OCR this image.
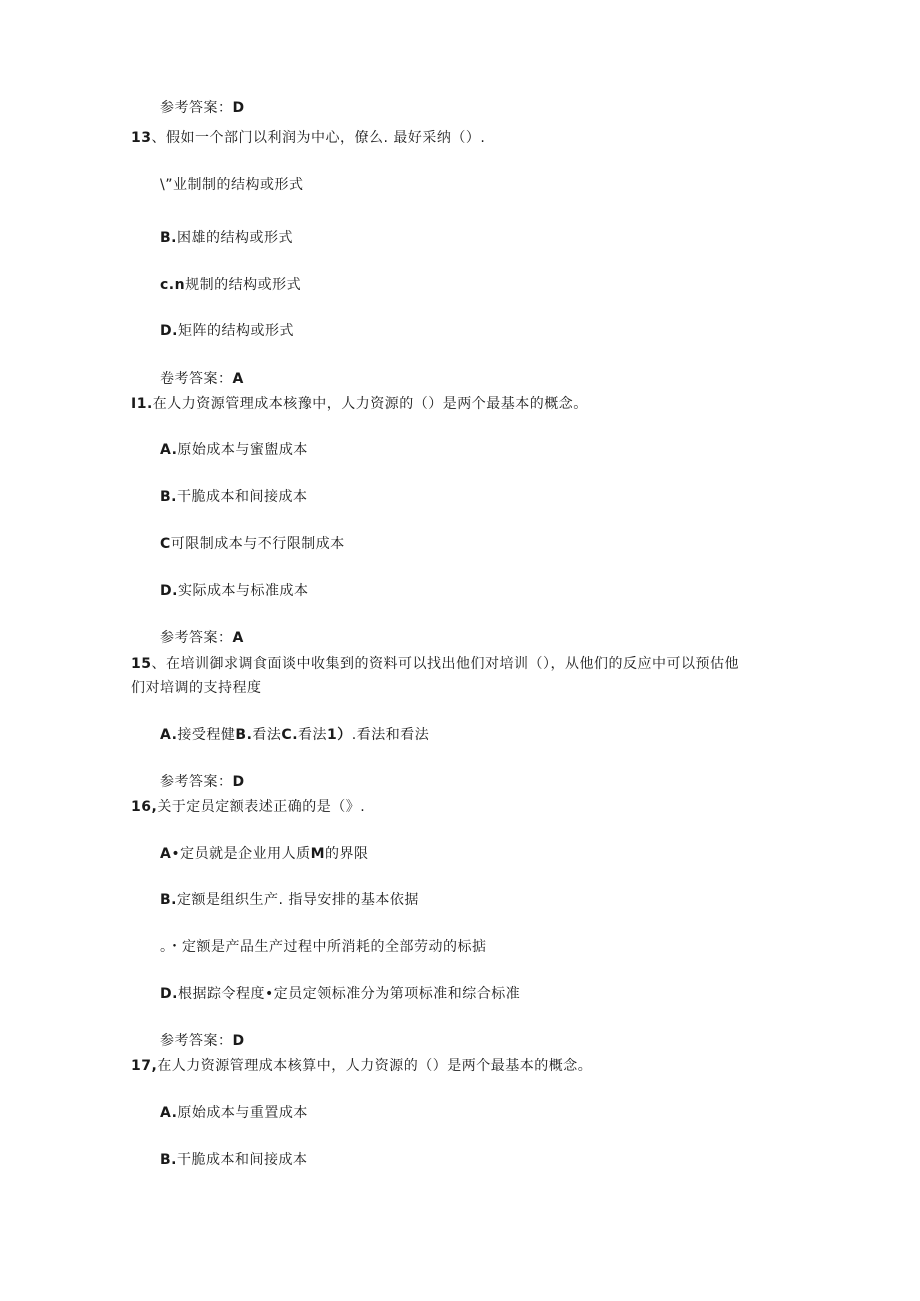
参考答案：D
13、假如一个部门以利润为中心，僚么. 最好采纳（）.
\”业制制的结构或形式
B.困雄的结构或形式
c.n规制的结构或形式
D.矩阵的结构或形式
卷考答案：A
I1.在人力资源管理成本核豫中，人力资源的（）是两个最基本的概念。
A.原始成本与蜜盥成本
B.干脆成本和间接成本
C可限制成本与不行限制成本
D.实际成本与标准成本
参考答案：A
15、在培训御求调食面谈中收集到的资料可以找出他们对培训（），从他们的反应中可以预估他
们对培调的支持程度
A.接受程健B.看法C.看法1）.看法和看法
参考答案：D
16,关于定员定额表述正确的是（》.
A•定员就是企业用人质M的界限
B.定额是组织生产. 指导安排的基本依据
。・定额是产品生产过程中所消耗的全部劳动的标掂
D.根据踪令程度•定员定领标准分为第项标准和综合标准
参考答案：D
17,在人力资源管理成本核算中，人力资源的（）是两个最基本的概念。
A.原始成本与重置成本
B.干脆成本和间接成本
